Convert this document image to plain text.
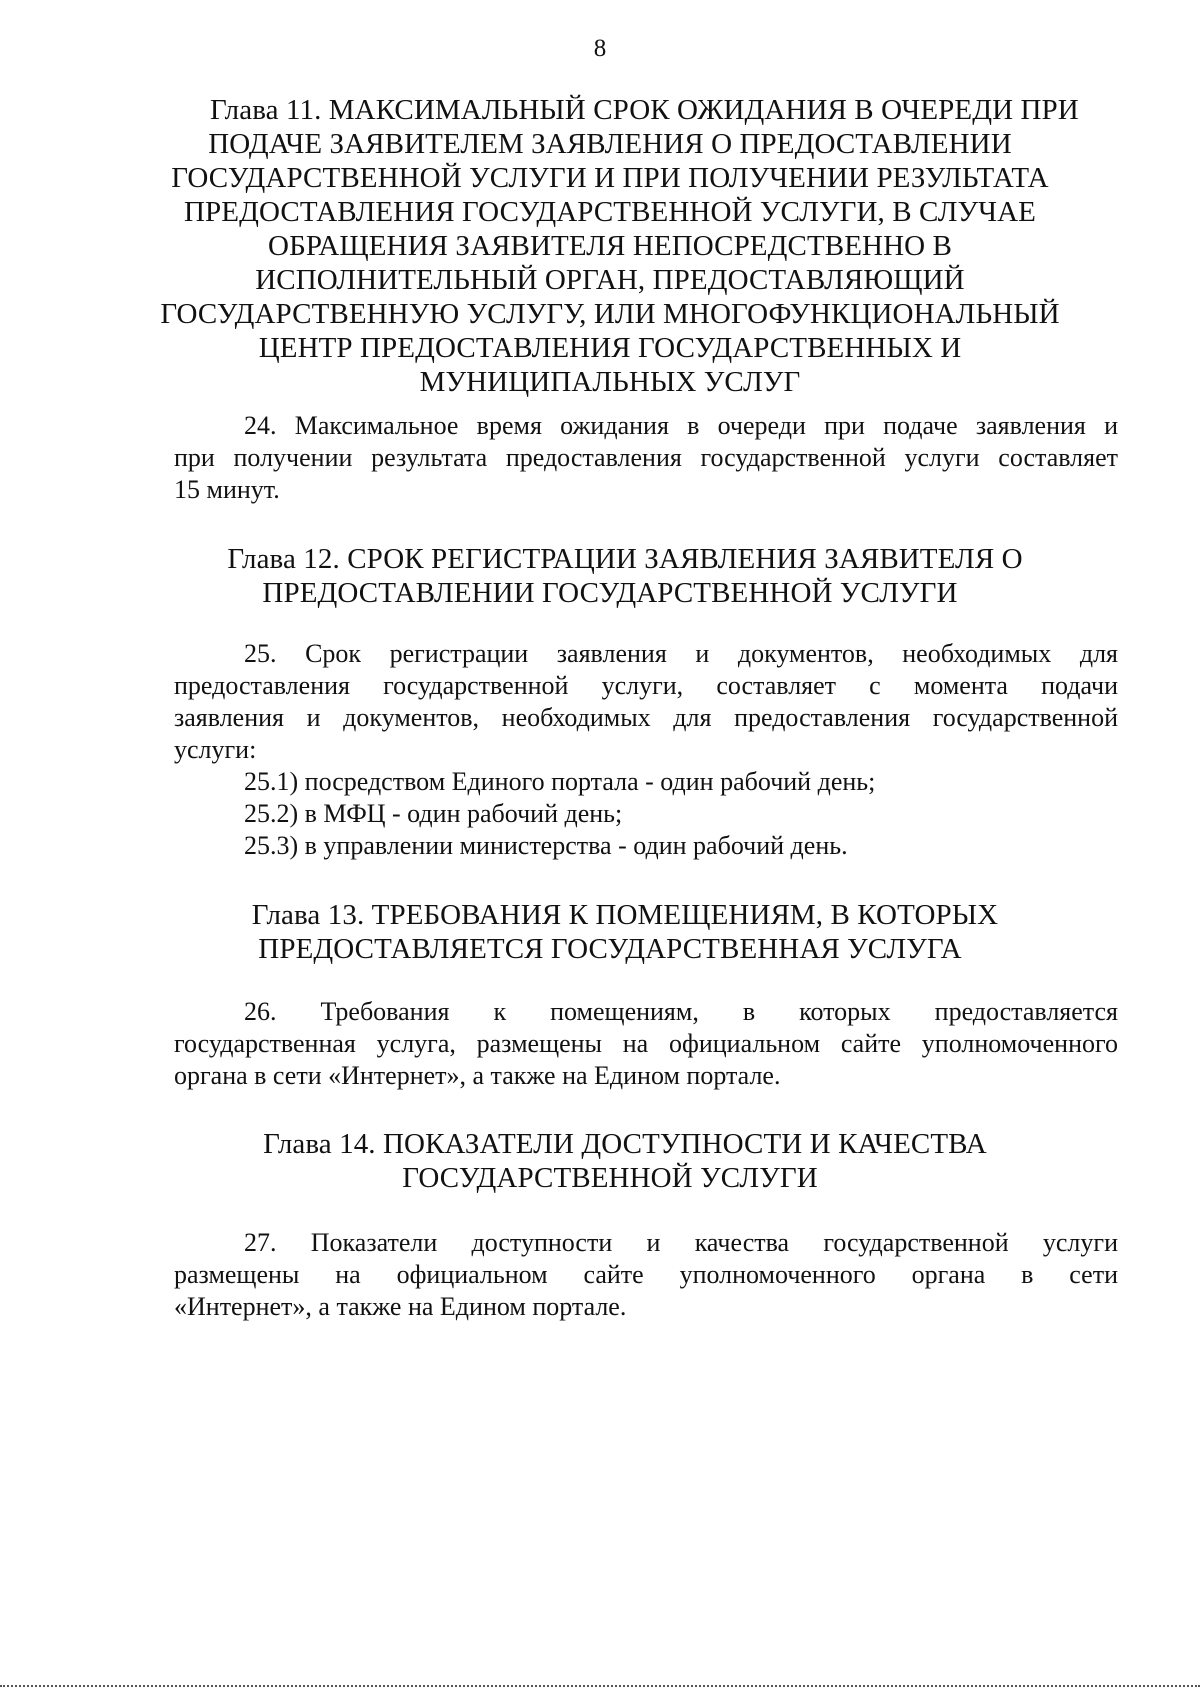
8
Глава 11. МАКСИМАЛЬНЫЙ СРОК ОЖИДАНИЯ В ОЧЕРЕДИ ПРИ
ПОДАЧЕ ЗАЯВИТЕЛЕМ ЗАЯВЛЕНИЯ О ПРЕДОСТАВЛЕНИИ
ГОСУДАРСТВЕННОЙ УСЛУГИ И ПРИ ПОЛУЧЕНИИ РЕЗУЛЬТАТА
ПРЕДОСТАВЛЕНИЯ ГОСУДАРСТВЕННОЙ УСЛУГИ, В СЛУЧАЕ
ОБРАЩЕНИЯ ЗАЯВИТЕЛЯ НЕПОСРЕДСТВЕННО В
ИСПОЛНИТЕЛЬНЫЙ ОРГАН, ПРЕДОСТАВЛЯЮЩИЙ
ГОСУДАРСТВЕННУЮ УСЛУГУ, ИЛИ МНОГОФУНКЦИОНАЛЬНЫЙ
ЦЕНТР ПРЕДОСТАВЛЕНИЯ ГОСУДАРСТВЕННЫХ И
МУНИЦИПАЛЬНЫХ УСЛУГ

24. Максимальное время ожидания в очереди при подаче заявления и
при получении результата предоставления государственной услуги составляет
15 минут.

Глава 12. СРОК РЕГИСТРАЦИИ ЗАЯВЛЕНИЯ ЗАЯВИТЕЛЯ О
ПРЕДОСТАВЛЕНИИ ГОСУДАРСТВЕННОЙ УСЛУГИ

25. Срок регистрации заявления и документов, необходимых для
предоставления государственной услуги, составляет с момента подачи
заявления и документов, необходимых для предоставления государственной
услуги:

25.1) посредством Единого портала - один рабочий день;

25.2) в МФЦ - один рабочий день;

25.3) в управлении министерства - один рабочий день.

Глава 13. ТРЕБОВАНИЯ К ПОМЕЩЕНИЯМ, В КОТОРЫХ
ПРЕДОСТАВЛЯЕТСЯ ГОСУДАРСТВЕННАЯ УСЛУГА

26. Требования к помещениям, в которых предоставляется
государственная услуга, размещены на официальном сайте уполномоченного
органа в сети «Интернет», а также на Едином портале.

Глава 14. ПОКАЗАТЕЛИ ДОСТУПНОСТИ И КАЧЕСТВА
ГОСУДАРСТВЕННОЙ УСЛУГИ

27. Показатели доступности и качества государственной услуги
размещены на официальном сайте уполномоченного органа в сети
«Интернет», а также на Едином портале.
